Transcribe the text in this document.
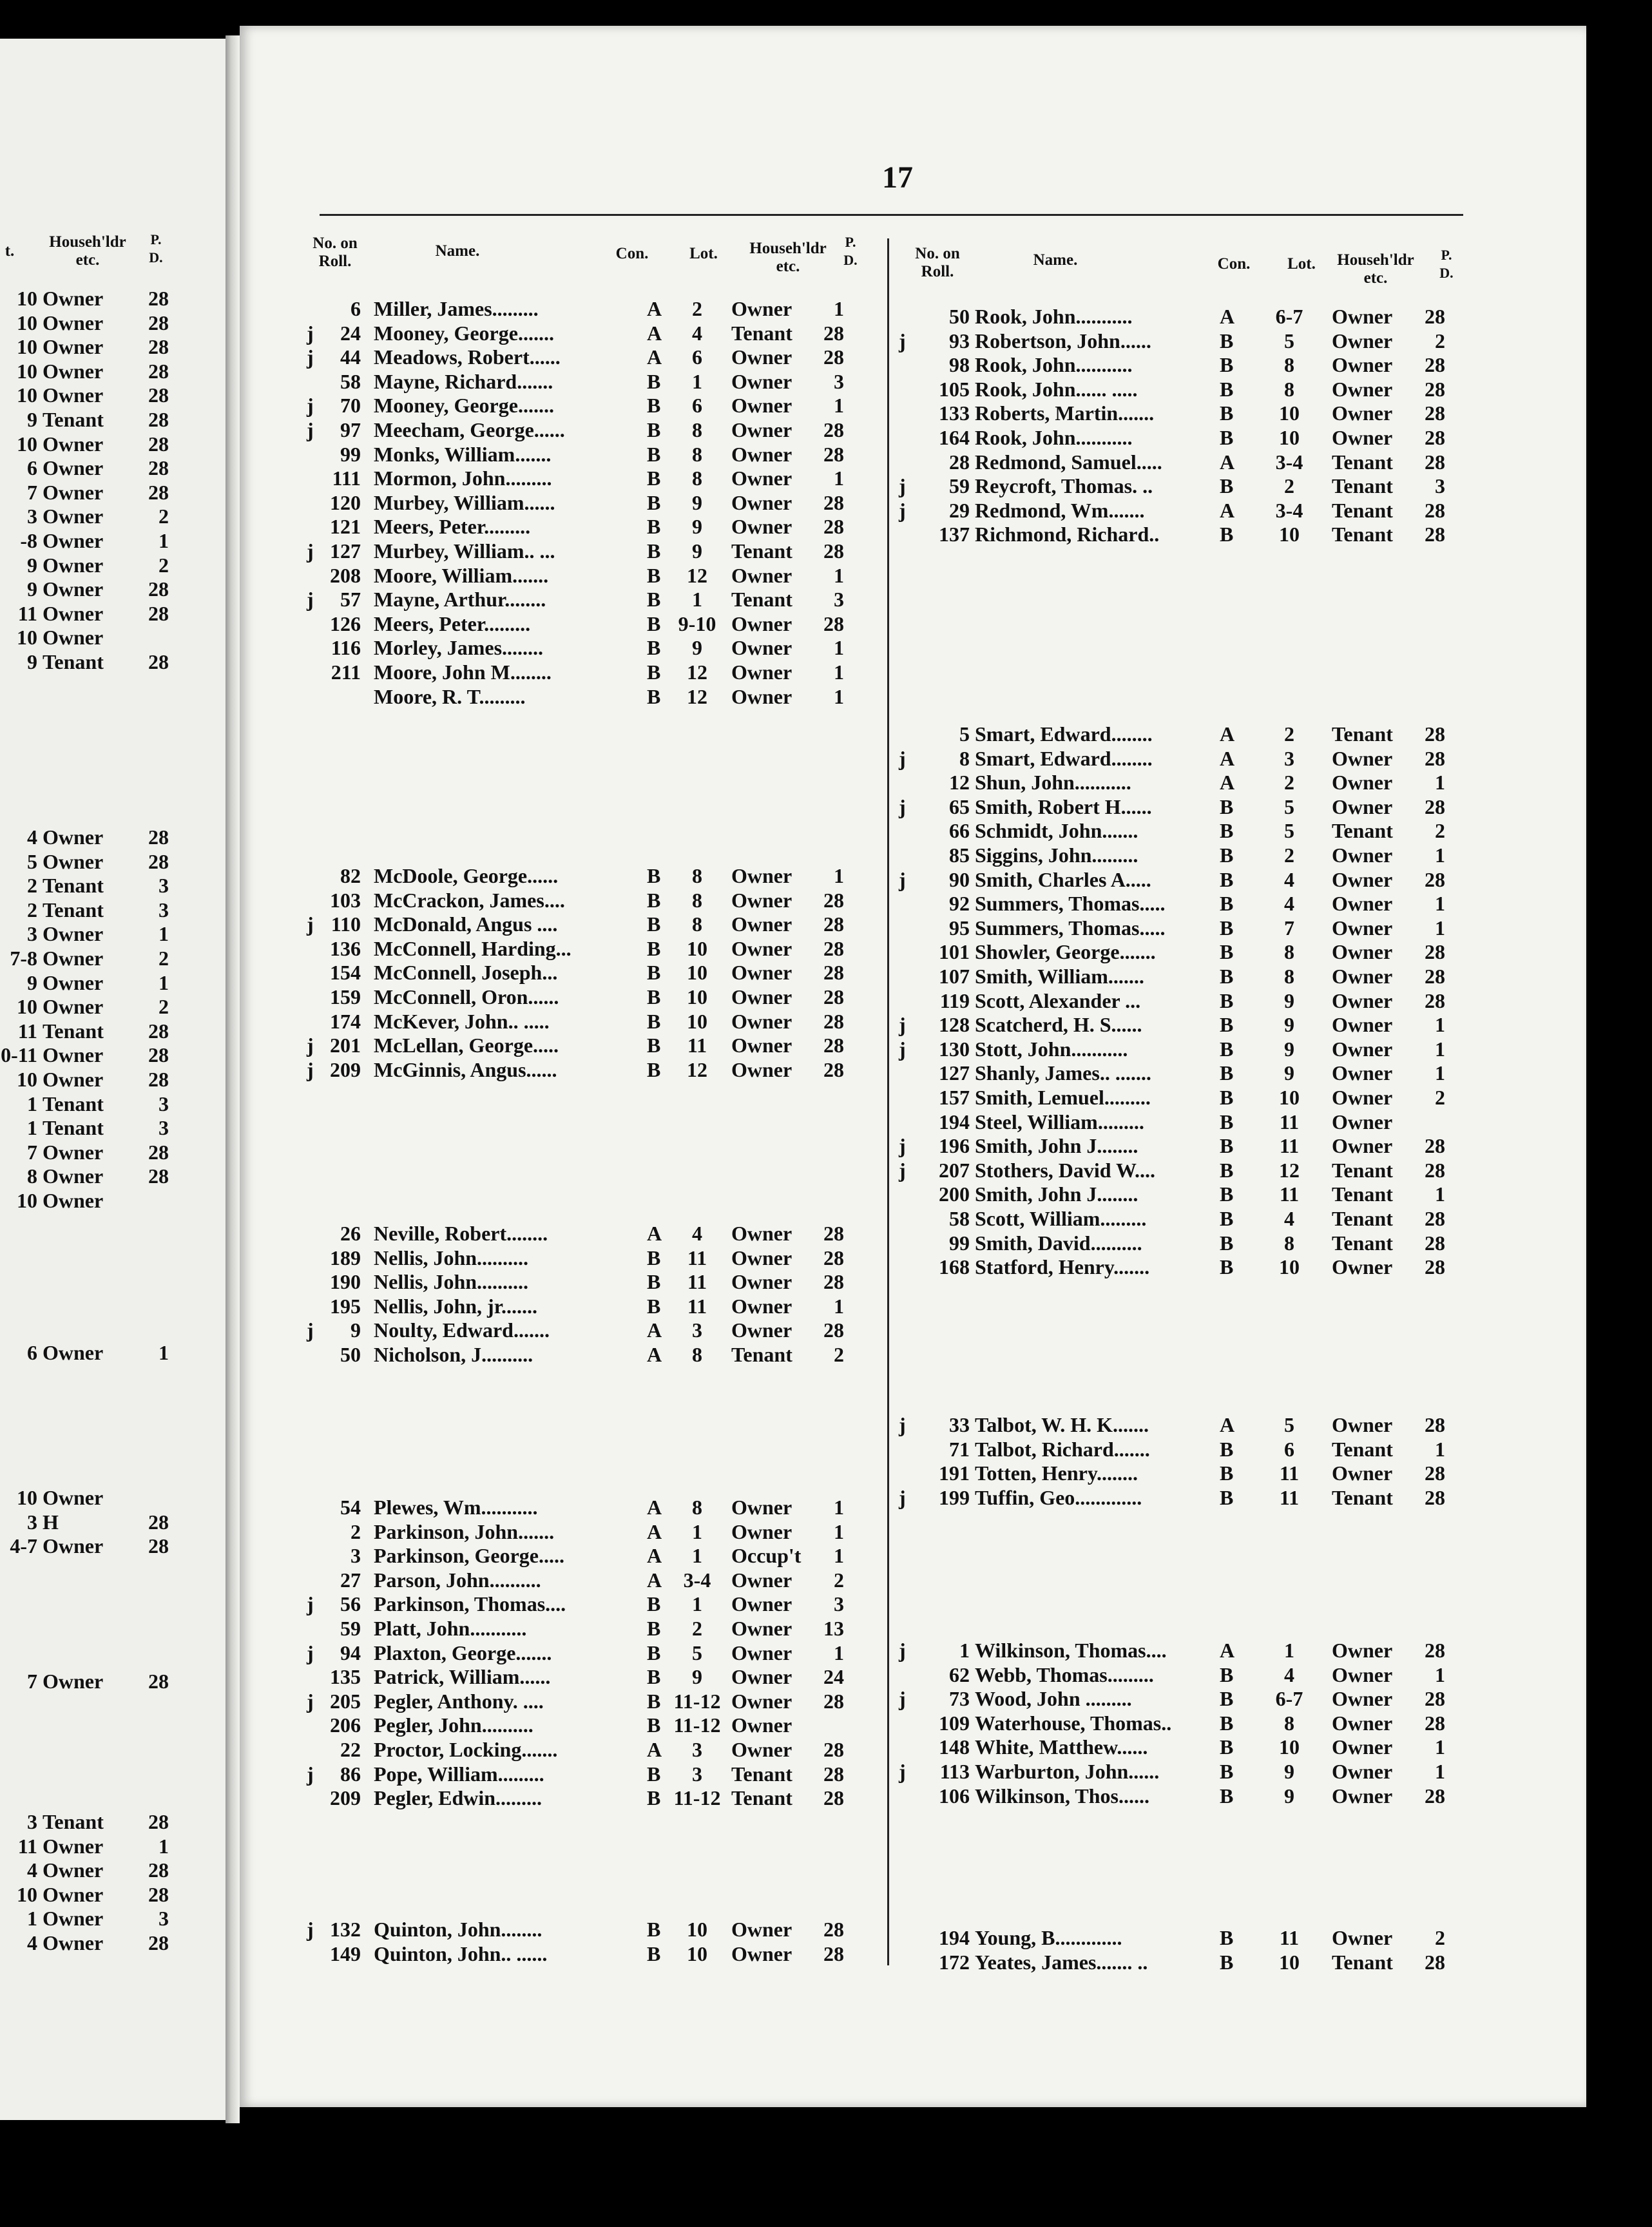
17
No. on Roll.
Name.	Con.	Lot.	Househ'ldr etc.
P. D.	No. on Roll.
Name.	Con.	Lot.	Househ'ldr etc.
P. D.
t.
Househ'ldr etc.
P. D.
6 Miller, James.........	A	2	Owner	1
j	24 Mooney, George.......	A	4	Tenant	28
j	44 Meadows, Robert......	A	6	Owner	28
58 Mayne, Richard.......	B	1	Owner	3
j	70 Mooney, George.......	B	6	Owner	1
j	97 Meecham, George......	B	8	Owner	28
99 Monks, William.......	B	8	Owner	28
111 Mormon, John.........	B	8	Owner	1
120 Murbey, William......	B	9	Owner	28
121 Meers, Peter.........	B	9	Owner	28
j 127 Murbey, William.. ...	B	9	Tenant	28
208 Moore, William.......	B	12	Owner	1
j	57 Mayne, Arthur........	B	1	Tenant	3
126 Meers, Peter.........	B 9-10 Owner	28
116 Morley, James........	B	9	Owner	1
211 Moore, John M........	B	12	Owner	1
Moore, R. T.........	B	12	Owner	1
82 McDoole, George......	B	8	Owner	1
103 McCrackon, James....	B	8	Owner	28
j 110 McDonald, Angus ....	B	8	Owner	28
136 McConnell, Harding...	B	10	Owner	28
154 McConnell, Joseph...	B	10	Owner	28
159 McConnell, Oron......	B	10	Owner	28
174 McKever, John.. .....	B	10	Owner	28
j 201 McLellan, George.....	B	11	Owner	28
j 209 McGinnis, Angus......	B	12	Owner	28
26 Neville, Robert........	A	4	Owner	28
189 Nellis, John..........	B	11	Owner	28
190 Nellis, John..........	B	11	Owner	28
195 Nellis, John, jr.......	B	11	Owner	1
j	9 Noulty, Edward.......	A	3	Owner	28
50 Nicholson, J..........	A	8	Tenant	2
54 Plewes, Wm...........	A	8	Owner	1
2 Parkinson, John.......	A	1	Owner	1
3 Parkinson, George.....	A	1	Occup't	1
27 Parson, John..........	A	3-4 Owner	2
j	56 Parkinson, Thomas....	B	1	Owner	3
59 Platt, John...........	B	2	Owner	13
j	94 Plaxton, George.......	B	5	Owner	1
135 Patrick, William......	B	9	Owner	24
j 205 Pegler, Anthony. ....	B 11-12 Owner	28
206 Pegler, John..........	B 11-12 Owner
22 Proctor, Locking.......	A	3	Owner	28
j	86 Pope, William.........	B	3	Tenant	28
209 Pegler, Edwin.........	B 11-12 Tenant	28
j 132 Quinton, John........	B	10	Owner	28
149 Quinton, John.. ......	B	10	Owner	28
50 Rook, John...........	A	6-7	Owner	28
j	93 Robertson, John......	B	5	Owner	2
98 Rook, John...........	B	8	Owner	28
105 Rook, John...... .....	B	8	Owner	28
133 Roberts, Martin.......	B	10	Owner	28
164 Rook, John...........	B	10	Owner	28
28 Redmond, Samuel.....	A	3-4	Tenant	28
j	59 Reycroft, Thomas. ..	B	2	Tenant	3
j	29 Redmond, Wm.......	A	3-4	Tenant	28
137 Richmond, Richard..	B	10	Tenant	28
5 Smart, Edward........	A	2	Tenant	28
j	8 Smart, Edward........	A	3	Owner	28
12 Shun, John...........	A	2	Owner	1
j	65 Smith, Robert H......	B	5	Owner	28
66 Schmidt, John.......	B	5	Tenant	2
85 Siggins, John.........	B	2	Owner	1
j	90 Smith, Charles A.....	B	4	Owner	28
92 Summers, Thomas.....	B	4	Owner	1
95 Summers, Thomas.....	B	7	Owner	1
101 Showler, George.......	B	8	Owner	28
107 Smith, William.......	B	8	Owner	28
119 Scott, Alexander ...	B	9	Owner	28
j	128 Scatcherd, H. S......	B	9	Owner	1
j	130 Stott, John...........	B	9	Owner	1
127 Shanly, James.. .......	B	9	Owner	1
157 Smith, Lemuel.........	B	10	Owner	2
194 Steel, William.........	B	11	Owner
j	196 Smith, John J........	B	11	Owner	28
j	207 Stothers, David W....	B	12	Tenant	28
200 Smith, John J........	B	11	Tenant	1
58 Scott, William.........	B	4	Tenant	28
99 Smith, David..........	B	8	Tenant	28
168 Statford, Henry.......	B	10	Owner	28
j	33 Talbot, W. H. K.......	A	5	Owner	28
71 Talbot, Richard.......	B	6	Tenant	1
191 Totten, Henry........	B	11	Owner	28
j	199 Tuffin, Geo.............	B	11	Tenant	28
j	1 Wilkinson, Thomas....	A	1	Owner	28
62 Webb, Thomas.........	B	4	Owner	1
j	73 Wood, John .........	B	6-7	Owner	28
109 Waterhouse, Thomas..	B	8	Owner	28
148 White, Matthew......	B	10	Owner	1
j	113 Warburton, John......	B	9	Owner	1
106 Wilkinson, Thos......	B	9	Owner	28
194 Young, B.............	B	11	Owner	2
172 Yeates, James....... ..	B	10	Tenant	28
10 Owner	28
10 Owner	28
10 Owner	28
10 Owner	28
10 Owner	28
9 Tenant	28
10 Owner	28
6 Owner	28
7 Owner	28
3 Owner	2
-8 Owner	1
9 Owner	2
9 Owner	28
11 Owner	28
10 Owner
9 Tenant	28
4 Owner	28
5 Owner	28
2 Tenant	3
2 Tenant	3
3 Owner	1
7-8 Owner	2
9 Owner	1
10 Owner	2
11 Tenant	28
0-11 Owner	28
10 Owner	28
1 Tenant	3
1 Tenant	3
7 Owner	28
8 Owner	28
10 Owner
6 Owner	1
10 Owner
3 H	28
4-7 Owner	28
7 Owner	28
3 Tenant	28
11 Owner	1
4 Owner	28
10 Owner	28
1 Owner	3
4 Owner	28
